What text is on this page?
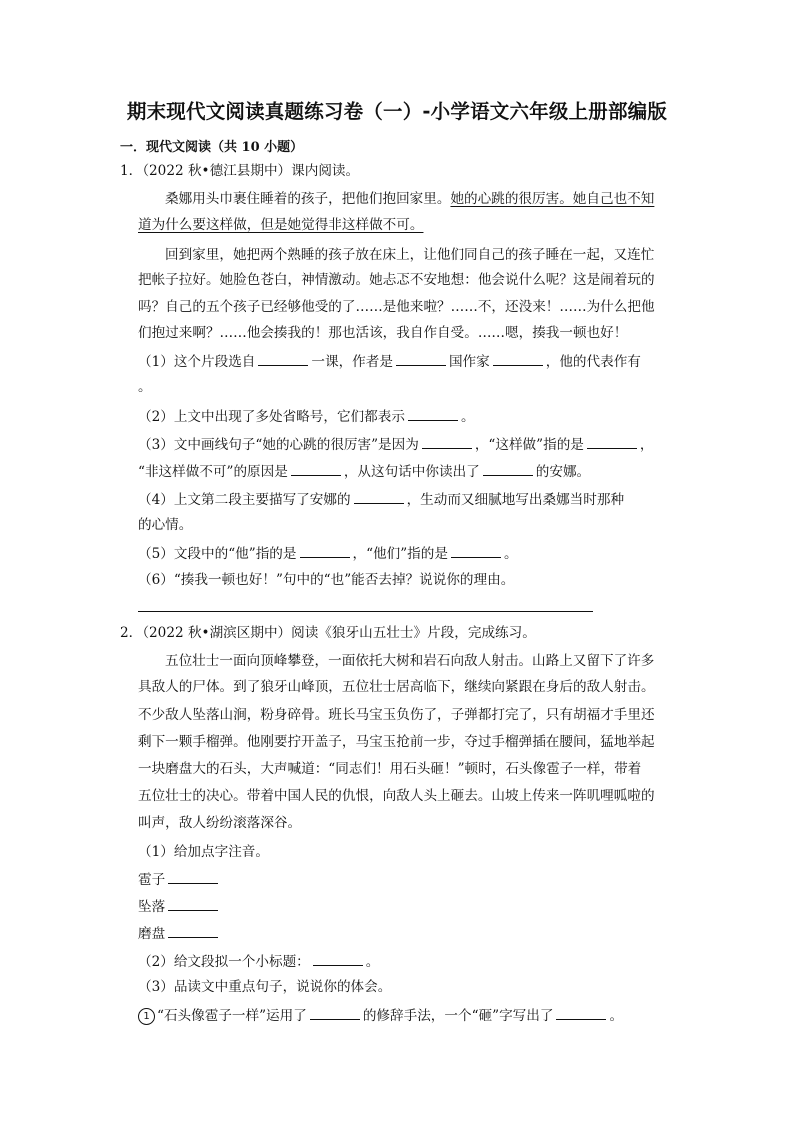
期末现代文阅读真题练习卷（一）-小学语文六年级上册部编版
一．现代文阅读（共 10 小题）
1．（2022 秋•德江县期中）课内阅读。
桑娜用头巾裹住睡着的孩子，把他们抱回家里。她的心跳的很厉害。她自己也不知
道为什么要这样做，但是她觉得非这样做不可。
回到家里，她把两个熟睡的孩子放在床上，让他们同自己的孩子睡在一起，又连忙
把帐子拉好。她脸色苍白，神情激动。她忐忑不安地想：他会说什么呢？这是闹着玩的
吗？自己的五个孩子已经够他受的了……是他来啦？……不，还没来！……为什么把他
们抱过来啊？……他会揍我的！那也活该，我自作自受。……嗯，揍我一顿也好！
（1）这个片段选自	一课，作者是	国作家	，他的代表作有
。
（2）上文中出现了多处省略号，它们都表示	。
（3）文中画线句子“她的心跳的很厉害”是因为	，“这样做”指的是	，
“非这样做不可”的原因是	，从这句话中你读出了	的安娜。
（4）上文第二段主要描写了安娜的	，生动而又细腻地写出桑娜当时那种
的心情。
（5）文段中的“他”指的是	，“他们”指的是	。
（6）“揍我一顿也好！”句中的“也”能否去掉？说说你的理由。
2．（2022 秋•湖滨区期中）阅读《狼牙山五壮士》片段，完成练习。
五位壮士一面向顶峰攀登，一面依托大树和岩石向敌人射击。山路上又留下了许多
具敌人的尸体。到了狼牙山峰顶，五位壮士居高临下，继续向紧跟在身后的敌人射击。
不少敌人坠落山涧，粉身碎骨。班长马宝玉负伤了，子弹都打完了，只有胡福才手里还
剩下一颗手榴弹。他刚要拧开盖子，马宝玉抢前一步，夺过手榴弹插在腰间，猛地举起
一块磨盘大的石头，大声喊道：“同志们！用石头砸！”顿时，石头像雹子一样，带着
五位壮士的决心。带着中国人民的仇恨，向敌人头上砸去。山坡上传来一阵叽哩呱啦的
叫声，敌人纷纷滚落深谷。
（1）给加点字注音。
雹子
坠落
磨盘
（2）给文段拟一个小标题：	。
（3）品读文中重点句子，说说你的体会。
1 “石头像雹子一样”运用了	的修辞手法，一个“砸”字写出了	。
